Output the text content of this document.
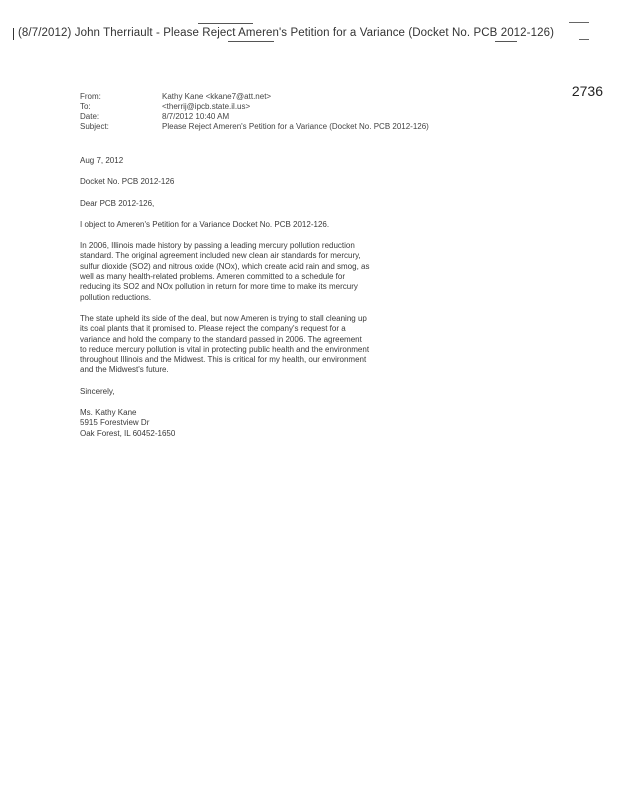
(8/7/2012) John Therriault - Please Reject Ameren's Petition for a Variance (Docket No. PCB 2012-126)
2736
From:	Kathy Kane <kkane7@att.net>
To:	<therrij@ipcb.state.il.us>
Date:	8/7/2012 10:40 AM
Subject:	Please Reject Ameren's Petition for a Variance (Docket No. PCB 2012-126)

Aug 7, 2012

Docket No. PCB 2012-126

Dear PCB 2012-126,

I object to Ameren's Petition for a Variance Docket No. PCB 2012-126.

In 2006, Illinois made history by passing a leading mercury pollution reduction standard. The original agreement included new clean air standards for mercury, sulfur dioxide (SO2) and nitrous oxide (NOx), which create acid rain and smog, as well as many health-related problems. Ameren committed to a schedule for reducing its SO2 and NOx pollution in return for more time to make its mercury pollution reductions.

The state upheld its side of the deal, but now Ameren is trying to stall cleaning up its coal plants that it promised to. Please reject the company's request for a variance and hold the company to the standard passed in 2006. The agreement to reduce mercury pollution is vital in protecting public health and the environment throughout Illinois and the Midwest. This is critical for my health, our environment and the Midwest's future.

Sincerely,

Ms. Kathy Kane
5915 Forestview Dr
Oak Forest, IL 60452-1650
